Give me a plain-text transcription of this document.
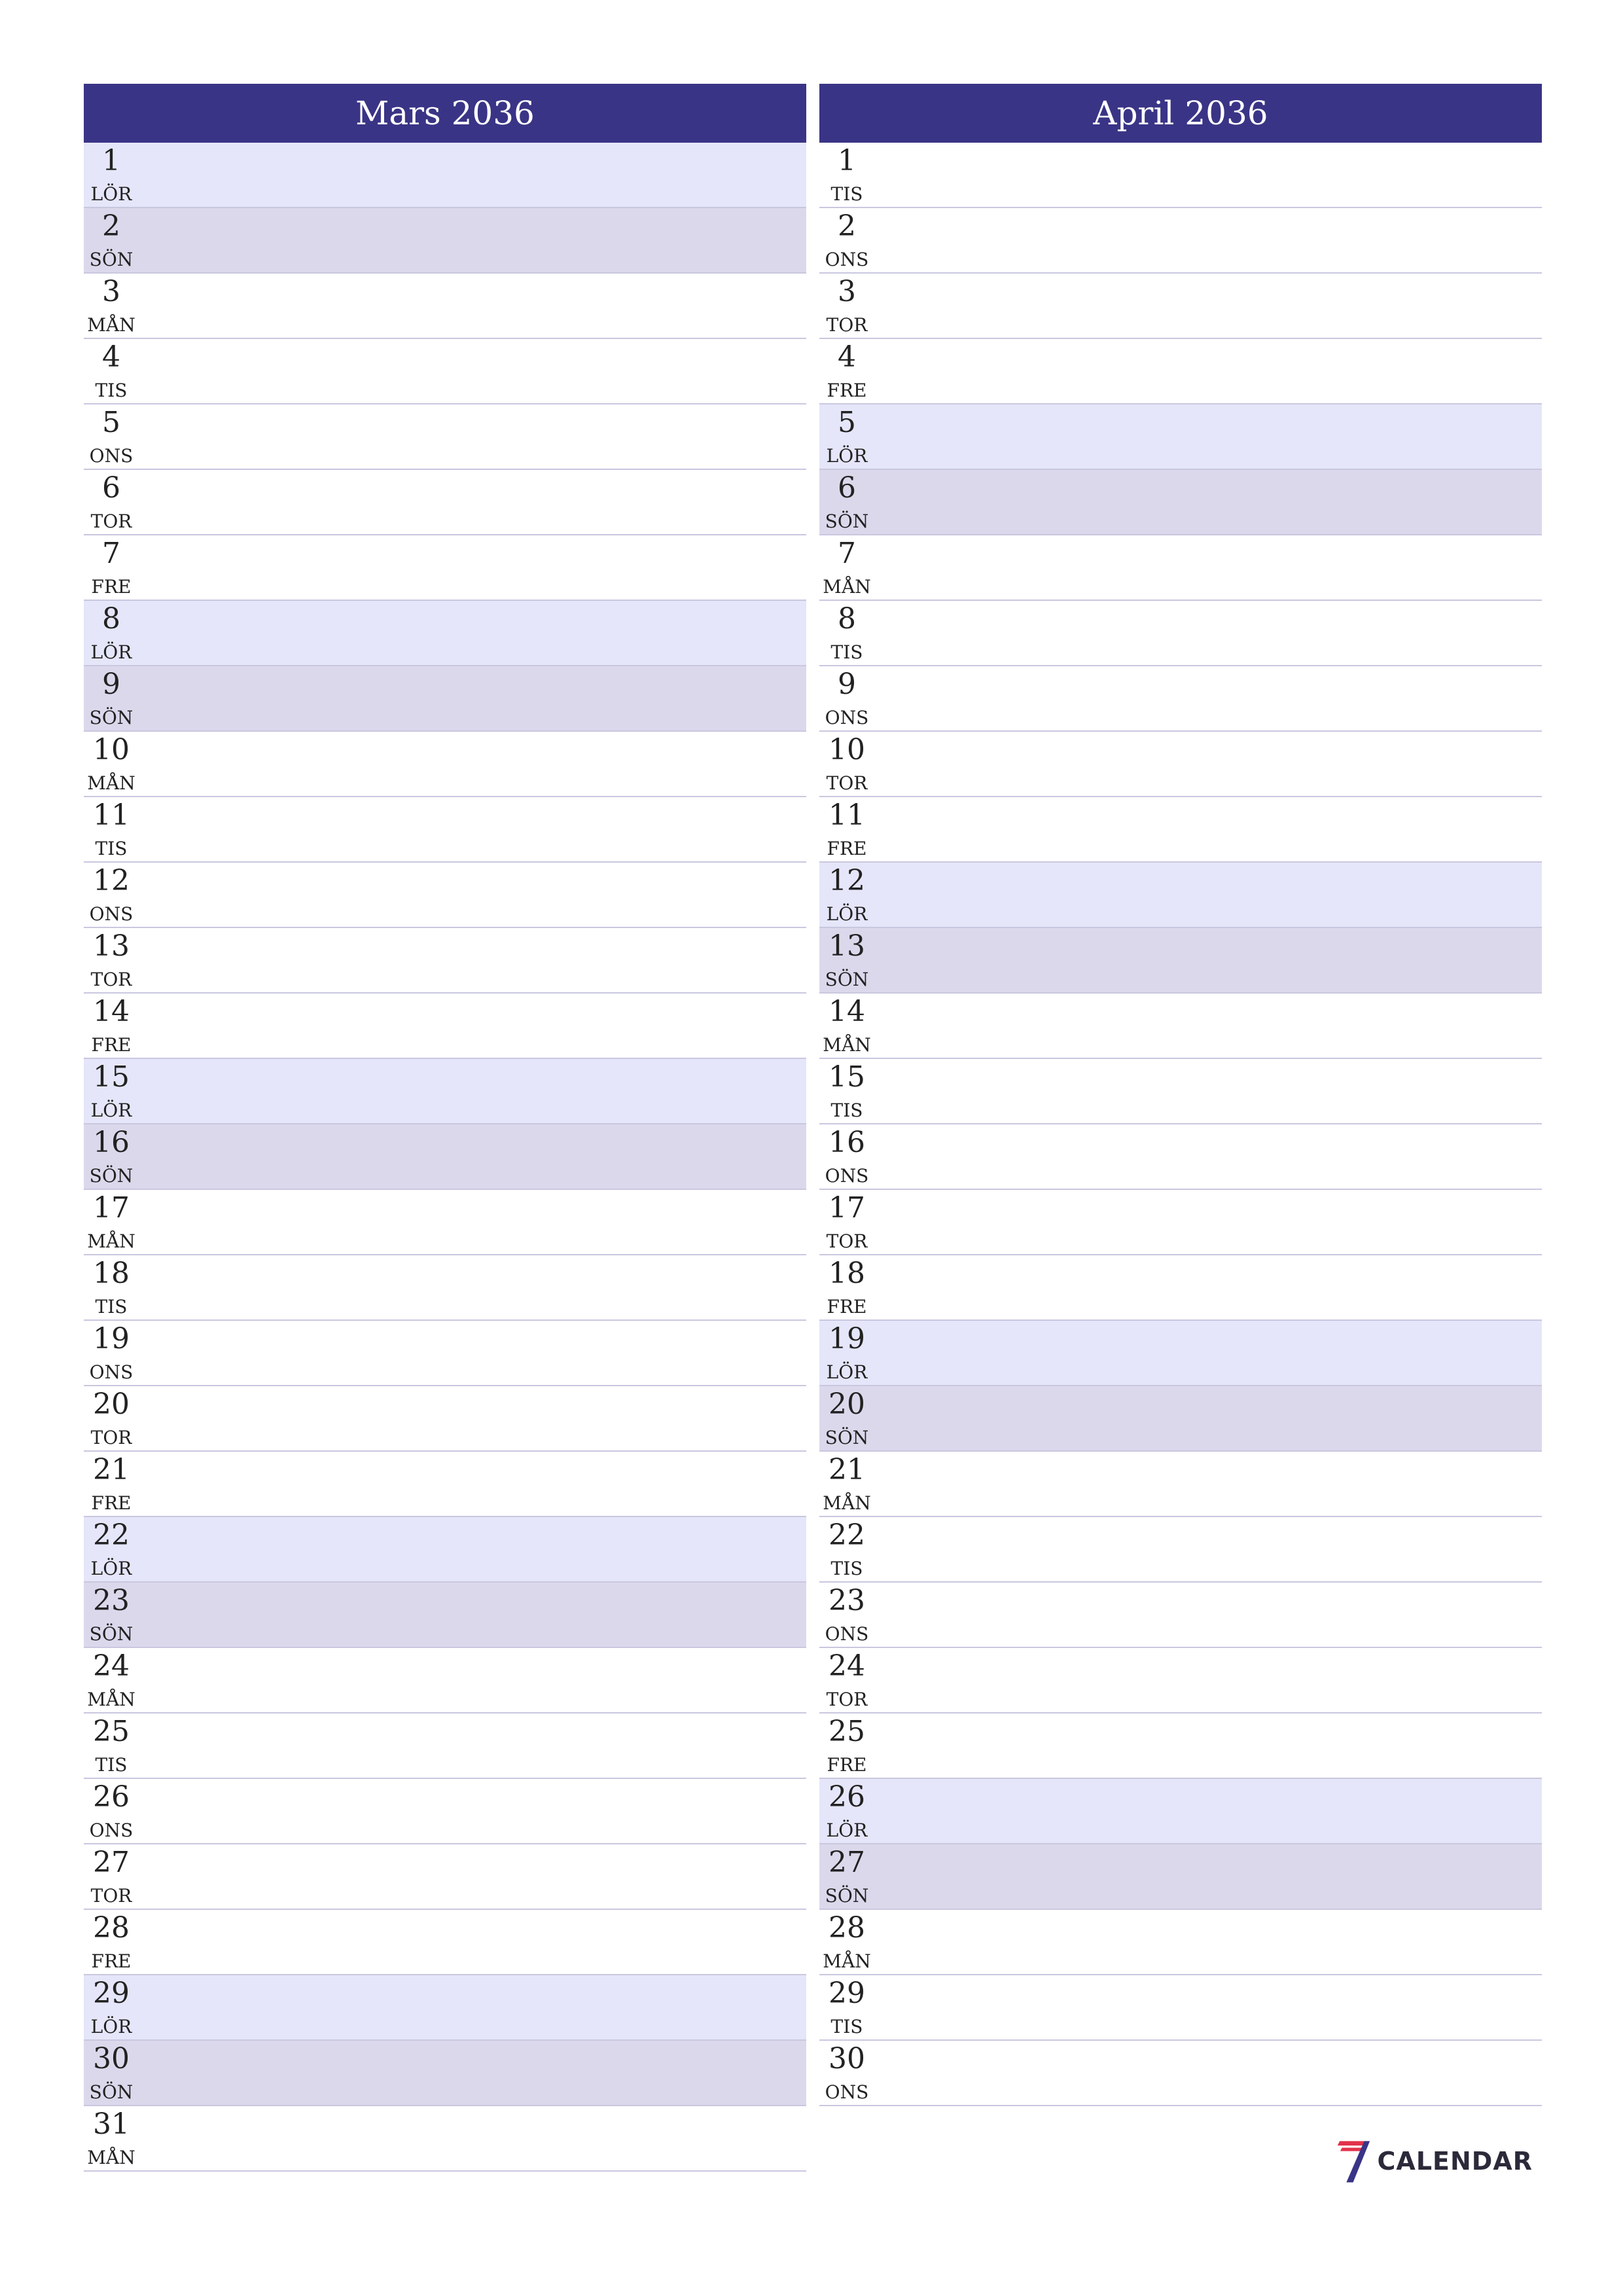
Mars 2036
1
LÖR
2
SÖN
3
MÅN
4
TIS
5
ONS
6
TOR
7
FRE
8
LÖR
9
SÖN
10
MÅN
11
TIS
12
ONS
13
TOR
14
FRE
15
LÖR
16
SÖN
17
MÅN
18
TIS
19
ONS
20
TOR
21
FRE
22
LÖR
23
SÖN
24
MÅN
25
TIS
26
ONS
27
TOR
28
FRE
29
LÖR
30
SÖN
31
MÅN
April 2036
1
TIS
2
ONS
3
TOR
4
FRE
5
LÖR
6
SÖN
7
MÅN
8
TIS
9
ONS
10
TOR
11
FRE
12
LÖR
13
SÖN
14
MÅN
15
TIS
16
ONS
17
TOR
18
FRE
19
LÖR
20
SÖN
21
MÅN
22
TIS
23
ONS
24
TOR
25
FRE
26
LÖR
27
SÖN
28
MÅN
29
TIS
30
ONS
CALENDAR
